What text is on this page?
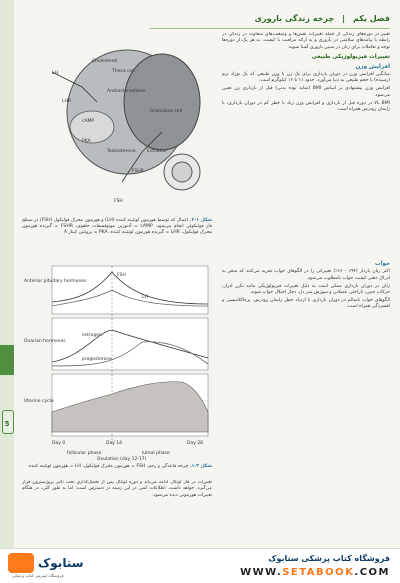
5
فصل یکم
|
چرخه زندگی باروری

تغییر در دوره‌های زندگی از جمله تغییرات نقش‌ها و وضعیت‌های متفاوت در زندگی در رابطه با پیامدهای سلامتی در باروری و به ارائه مراقبت با کیفیت، به هر یک از دوره‌ها توجه و تعاملات برای زنان در سنین باروری آشنا شوید.

تغییرات فیزیولوژیکی طبیعی
افزایش وزن

میانگین افزایش وزن در دوران بارداری برای یک زن با وزن طبیعی که یک نوزاد ترم (رسیده) با حجم طبیعی به دنیا می‌آورد، حدود ۱۱ تا ۱۶ کیلوگرم است.

افزایش وزن پیشنهادی بر اساس BMI (نمایه توده بدنی) قبل از بارداری زن تعیین می‌شود.

BMI بالا در دوره قبل از بارداری و افزایش وزن زیاد با خطر کم در دوران بارداری، با زایمان زودرس همراه است.

خواب

اکثر زنان باردار (۹۴٪ - ۶۶٪) تغییراتی را در الگوهای خواب تجربه می‌کنند که منجر به ادراک ذهنی کیفیت خواب نامطلوب می‌شود.

زنان در دوران بارداری ممکن است به دلیل تغییرات فیزیولوژیکی مانند تکرر ادرار، حرکات جنین، ناراحتی عضلانی و سوزش سر دل، دچار اختلال خواب شوند.

الگوهای خواب ناسالم در دوران بارداری با ازدیاد خطر زایمان زودرس، پره‌اکلامپسی و افسردگی همراه است.

Cholesterol
LH
LHR
Granulosa cell
Theca cell
FSH
FSHR
Estradiol
cAMP
PKA
Androstenedione
Testosterone
شکل ۱-۲. اعمال که توسط هورمون لوتئینه کننده (LH) و هورمون محرک فولیکول (FSH) در سطح فاز فولیکولی انجام می‌شود. cAMP = آدنوزین مونوفسفات حلقوی، FSHR = گیرنده هورمون محرک فولیکول، LHR = گیرنده هورمون لوتئینه کننده، PKA = پروتئین کیناز A
Anterior pituitary hormones
Ovarian hormones
Uterine cycle
FSH
LH
estrogen
progesterone
Day 0	Day 14	Day 28
follicular phase	luteal phase
Ovulation (day 12-17)
شکل ۳-۱. چرخه قاعدگی و رحم. FSH = هورمون محرک فولیکول، LH = هورمون لوتئینه کننده

تغییرات در فاز لوتئال ادامه می‌یابد و دوره لوتئال پس از تخمک‌گذاری تحت تأثیر پروژسترون قرار می‌گیرد. خواهد داشت. اطلاعات کمی در این زمینه در دسترس است؛ اما به طور کلی، در هنگام تغییرات هورمونی دیده می‌شود.

ستابوک
فروشگاه اینترنتی کتاب پزشکی
فروشگاه کتاب پزشکی ستابوک
WWW.SETABOOK.COM
